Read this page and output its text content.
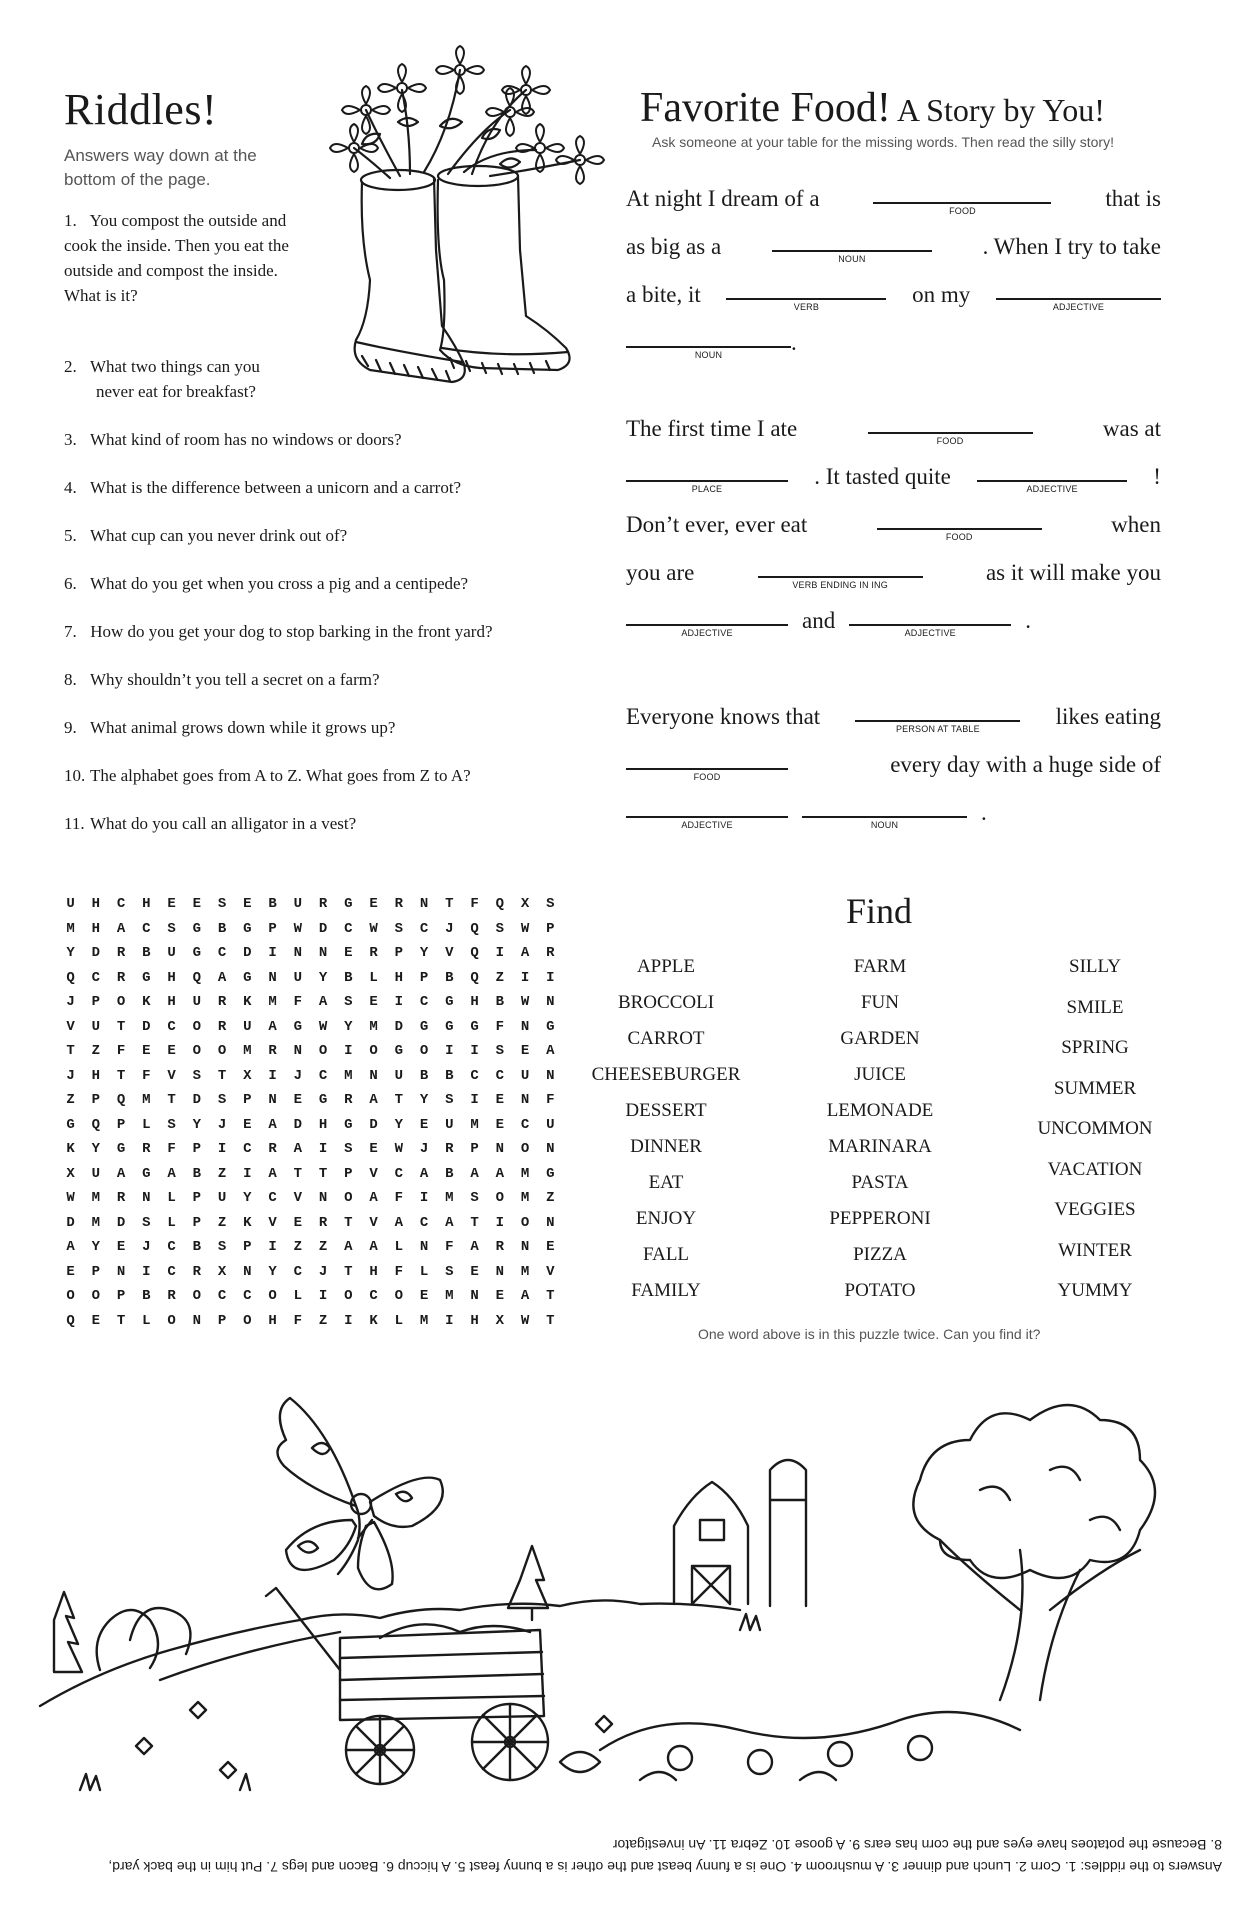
Riddles!
Answers way down at the bottom of the page.
1. You compost the outside and cook the inside. Then you eat the outside and compost the inside. What is it?
2. What two things can you
never eat for breakfast?
3. What kind of room has no windows or doors?
4. What is the difference between a unicorn and a carrot?
5. What cup can you never drink out of?
6. What do you get when you cross a pig and a centipede?
7. How do you get your dog to stop barking in the front yard?
8. Why shouldn’t you tell a secret on a farm?
9. What animal grows down while it grows up?
10. The alphabet goes from A to Z. What goes from Z to A?
11. What do you call an alligator in a vest?
Favorite Food! A Story by You!
Ask someone at your table for the missing words. Then read the silly story!
At night I dream of a	FOOD	that is
as big as a	NOUN	. When I try to take
a bite, it	VERB	on my	ADJECTIVE
NOUN	.
The first time I ate	FOOD	was at
PLACE	. It tasted quite	ADJECTIVE	!
Don’t ever, ever eat	FOOD	when
you are	VERB ENDING IN ING	as it will make you
ADJECTIVE	and	ADJECTIVE	.
Everyone knows that	PERSON AT TABLE	likes eating
FOOD	every day with a huge side of
ADJECTIVE	NOUN	.
U	H	C	H	E	E	S	E	B	U	R	G	E	R	N	T	F	Q	X	S
M	H	A	C	S	G	B	G	P	W	D	C	W	S	C	J	Q	S	W	P
Y	D	R	B	U	G	C	D	I	N	N	E	R	P	Y	V	Q	I	A	R
Q	C	R	G	H	Q	A	G	N	U	Y	B	L	H	P	B	Q	Z	I	I
J	P	O	K	H	U	R	K	M	F	A	S	E	I	C	G	H	B	W	N
V	U	T	D	C	O	R	U	A	G	W	Y	M	D	G	G	G	F	N	G
T	Z	F	E	E	O	O	M	R	N	O	I	O	G	O	I	I	S	E	A
J	H	T	F	V	S	T	X	I	J	C	M	N	U	B	B	C	C	U	N
Z	P	Q	M	T	D	S	P	N	E	G	R	A	T	Y	S	I	E	N	F
G	Q	P	L	S	Y	J	E	A	D	H	G	D	Y	E	U	M	E	C	U
K	Y	G	R	F	P	I	C	R	A	I	S	E	W	J	R	P	N	O	N
X	U	A	G	A	B	Z	I	A	T	T	P	V	C	A	B	A	A	M	G
W	M	R	N	L	P	U	Y	C	V	N	O	A	F	I	M	S	O	M	Z
D	M	D	S	L	P	Z	K	V	E	R	T	V	A	C	A	T	I	O	N
A	Y	E	J	C	B	S	P	I	Z	Z	A	A	L	N	F	A	R	N	E
E	P	N	I	C	R	X	N	Y	C	J	T	H	F	L	S	E	N	M	V
O	O	P	B	R	O	C	C	O	L	I	O	C	O	E	M	N	E	A	T
Q	E	T	L	O	N	P	O	H	F	Z	I	K	L	M	I	H	X	W	T
Find
APPLE
BROCCOLI
CARROT
CHEESEBURGER
DESSERT
DINNER
EAT
ENJOY
FALL
FAMILY
FARM
FUN
GARDEN
JUICE
LEMONADE
MARINARA
PASTA
PEPPERONI
PIZZA
POTATO
SILLY
SMILE
SPRING
SUMMER
UNCOMMON
VACATION
VEGGIES
WINTER
YUMMY
One word above is in this puzzle twice. Can you find it?
Answers to the riddles: 1. Corn 2. Lunch and dinner 3. A mushroom 4. One is a funny beast and the other is a bunny feast 5. A hiccup 6. Bacon and legs 7. Put him in the back yard,
8. Because the potatoes have eyes and the corn has ears 9. A goose 10. Zebra 11. An investigator
